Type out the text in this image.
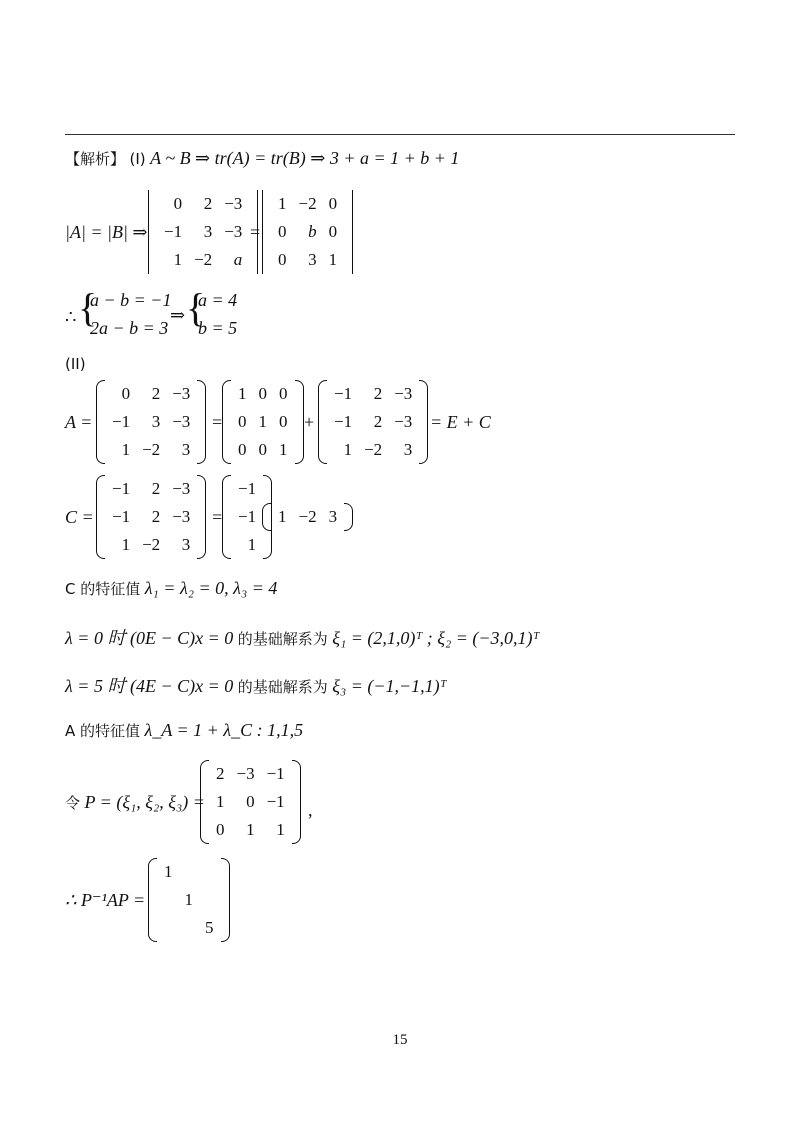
【解析】 (I) A ~ B ⇒ tr(A) = tr(B) ⇒ 3 + a = 1 + b + 1
|A| = |B| ⇒
0	2	−3
−1	3	−3
1	−2	a
=
1	−2	0
0	b	0
0	3	1
∴ {
a − b = −1
2a − b = 3
⇒ {
a = 4
b = 5
(II)
A =
0	2	−3
−1	3	−3
1	−2	3
=
1	0	0
0	1	0
0	0	1
+
−1	2	−3
−1	2	−3
1	−2	3
= E + C
C =
−1	2	−3
−1	2	−3
1	−2	3
=
−1
−1
1
1	−2	3
C 的特征值 λ₁ = λ₂ = 0, λ₃ = 4
λ = 0 时 (0E − C)x = 0 的基础解系为 ξ₁ = (2,1,0)ᵀ ; ξ₂ = (−3,0,1)ᵀ
λ = 5 时 (4E − C)x = 0 的基础解系为 ξ₃ = (−1,−1,1)ᵀ
A 的特征值 λ_A = 1 + λ_C : 1,1,5
令 P = (ξ₁, ξ₂, ξ₃) =
2	−3	−1
1	0	−1
0	1	1
,
∴ P⁻¹AP =
1		
	1	
		5
15
